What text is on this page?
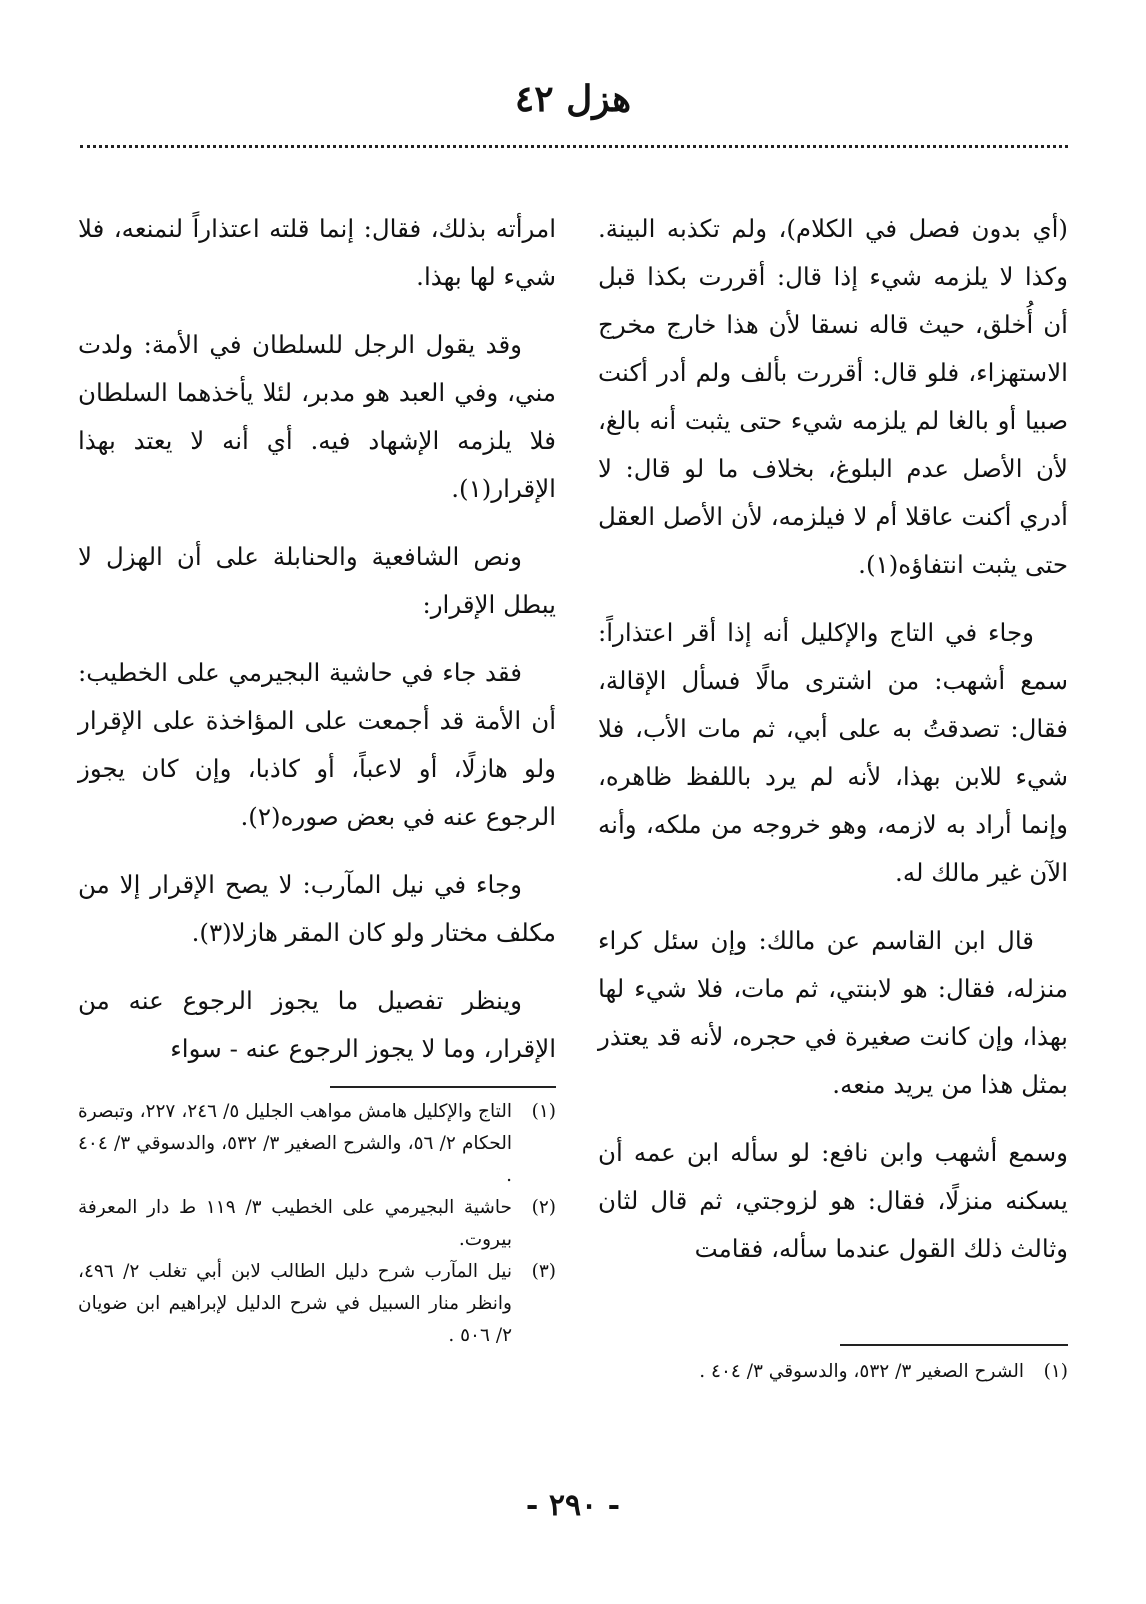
هزل ٤٢

(أي بدون فصل في الكلام)، ولم تكذبه البينة. وكذا لا يلزمه شيء إذا قال: أقررت بكذا قبل أن أُخلق، حيث قاله نسقا لأن هذا خارج مخرج الاستهزاء، فلو قال: أقررت بألف ولم أدر أكنت صبيا أو بالغا لم يلزمه شيء حتى يثبت أنه بالغ، لأن الأصل عدم البلوغ، بخلاف ما لو قال: لا أدري أكنت عاقلا أم لا فيلزمه، لأن الأصل العقل حتى يثبت انتفاؤه(١).

وجاء في التاج والإكليل أنه إذا أقر اعتذاراً: سمع أشهب: من اشترى مالًا فسأل الإقالة، فقال: تصدقتُ به على أبي، ثم مات الأب، فلا شيء للابن بهذا، لأنه لم يرد باللفظ ظاهره، وإنما أراد به لازمه، وهو خروجه من ملكه، وأنه الآن غير مالك له.

قال ابن القاسم عن مالك: وإن سئل كراء منزله، فقال: هو لابنتي، ثم مات، فلا شيء لها بهذا، وإن كانت صغيرة في حجره، لأنه قد يعتذر بمثل هذا من يريد منعه.

وسمع أشهب وابن نافع: لو سأله ابن عمه أن يسكنه منزلًا، فقال: هو لزوجتي، ثم قال لثان وثالث ذلك القول عندما سأله، فقامت

امرأته بذلك، فقال: إنما قلته اعتذاراً لنمنعه، فلا شيء لها بهذا.

وقد يقول الرجل للسلطان في الأمة: ولدت مني، وفي العبد هو مدبر، لئلا يأخذهما السلطان فلا يلزمه الإشهاد فيه. أي أنه لا يعتد بهذا الإقرار(١).

ونص الشافعية والحنابلة على أن الهزل لا يبطل الإقرار:

فقد جاء في حاشية البجيرمي على الخطيب: أن الأمة قد أجمعت على المؤاخذة على الإقرار ولو هازلًا، أو لاعباً، أو كاذبا، وإن كان يجوز الرجوع عنه في بعض صوره(٢).

وجاء في نيل المآرب: لا يصح الإقرار إلا من مكلف مختار ولو كان المقر هازلا(٣).

وينظر تفصيل ما يجوز الرجوع عنه من الإقرار، وما لا يجوز الرجوع عنه - سواء

(١)
الشرح الصغير ٣/ ٥٣٢، والدسوقي ٣/ ٤٠٤ .
(١)
التاج والإكليل هامش مواهب الجليل ٥/ ٢٤٦، ٢٢٧، وتبصرة الحكام ٢/ ٥٦، والشرح الصغير ٣/ ٥٣٢، والدسوقي ٣/ ٤٠٤ .
(٢)
حاشية البجيرمي على الخطيب ٣/ ١١٩ ط دار المعرفة بيروت.
(٣)
نيل المآرب شرح دليل الطالب لابن أبي تغلب ٢/ ٤٩٦، وانظر منار السبيل في شرح الدليل لإبراهيم ابن ضويان ٢/ ٥٠٦ .
- ٢٩٠ -
